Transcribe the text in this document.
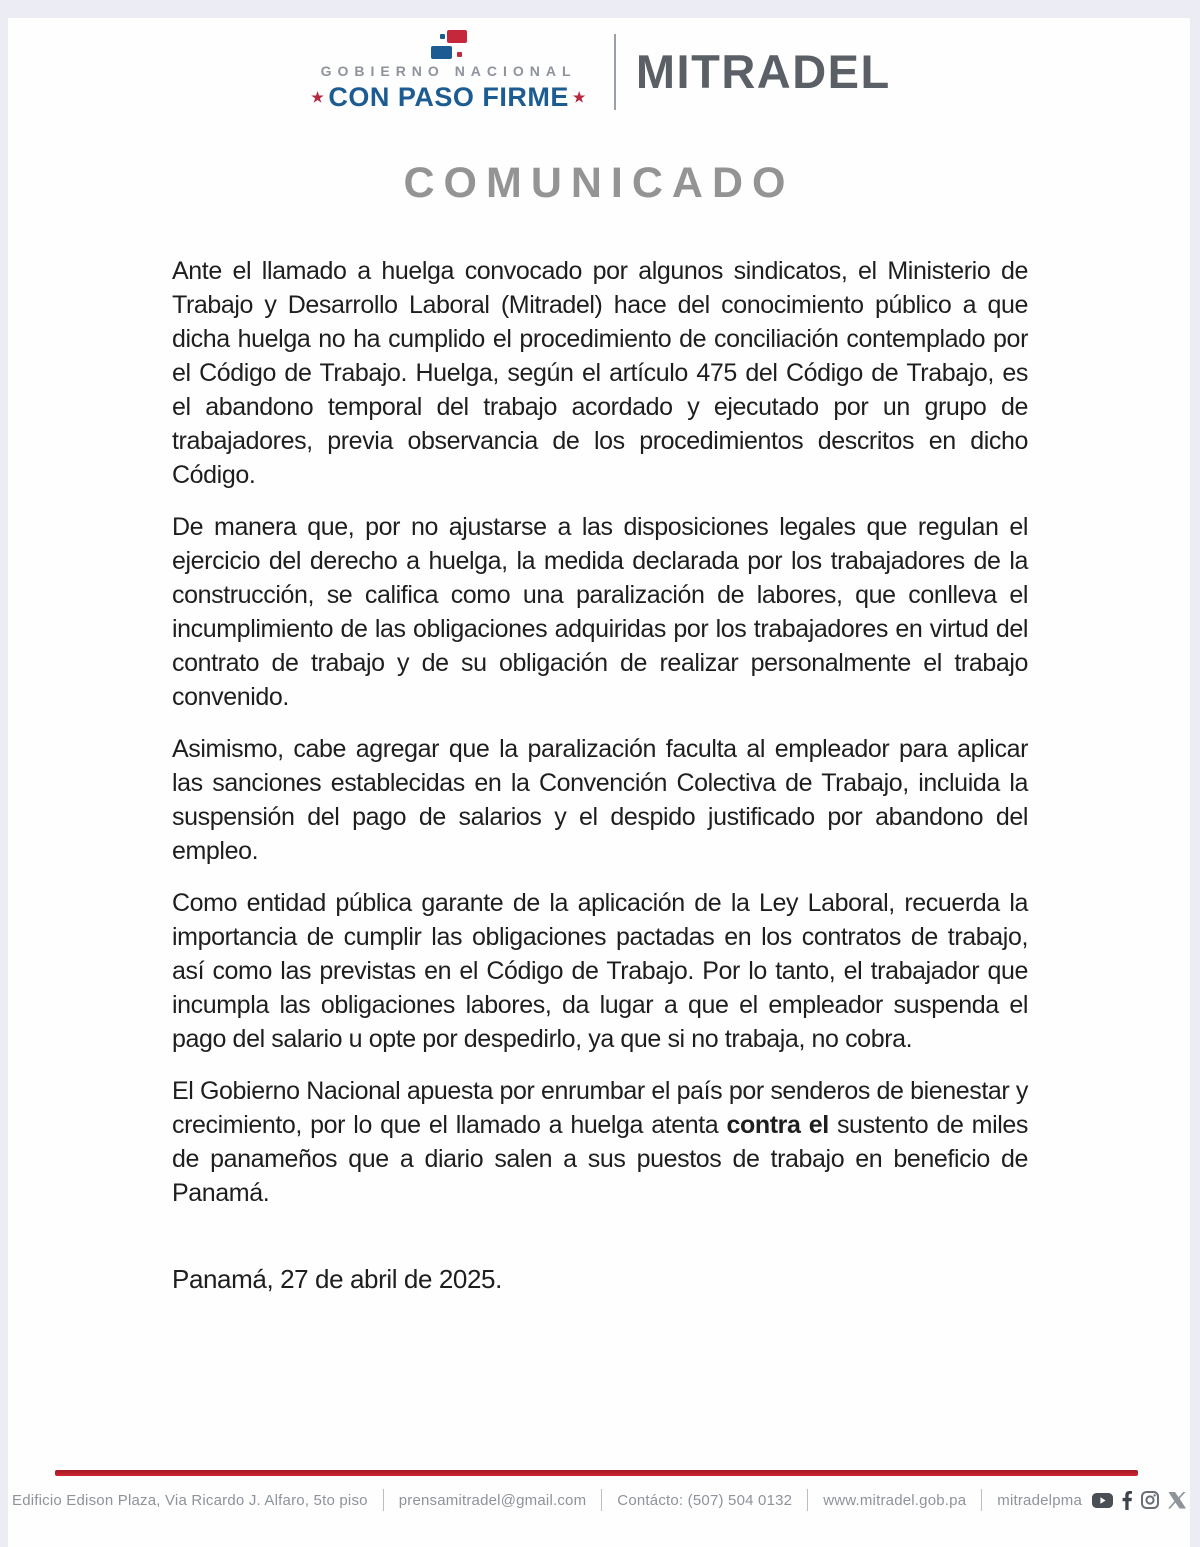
GOBIERNO NACIONAL
★ CON PASO FIRME ★ MITRADEL
COMUNICADO

Ante el llamado a huelga convocado por algunos sindicatos, el Ministerio de Trabajo y Desarrollo Laboral (Mitradel) hace del conocimiento público a que dicha huelga no ha cumplido el procedimiento de conciliación contemplado por el Código de Trabajo. Huelga, según el artículo 475 del Código de Trabajo, es el abandono temporal del trabajo acordado y ejecutado por un grupo de trabajadores, previa observancia de los procedimientos descritos en dicho Código.

De manera que, por no ajustarse a las disposiciones legales que regulan el ejercicio del derecho a huelga, la medida declarada por los trabajadores de la construcción, se califica como una paralización de labores, que conlleva el incumplimiento de las obligaciones adquiridas por los trabajadores en virtud del contrato de trabajo y de su obligación de realizar personalmente el trabajo convenido.

Asimismo, cabe agregar que la paralización faculta al empleador para aplicar las sanciones establecidas en la Convención Colectiva de Trabajo, incluida la suspensión del pago de salarios y el despido justificado por abandono del empleo.

Como entidad pública garante de la aplicación de la Ley Laboral, recuerda la importancia de cumplir las obligaciones pactadas en los contratos de trabajo, así como las previstas en el Código de Trabajo. Por lo tanto, el trabajador que incumpla las obligaciones labores, da lugar a que el empleador suspenda el pago del salario u opte por despedirlo, ya que si no trabaja, no cobra.

El Gobierno Nacional apuesta por enrumbar el país por senderos de bienestar y crecimiento, por lo que el llamado a huelga atenta contra el sustento de miles de panameños que a diario salen a sus puestos de trabajo en beneficio de Panamá.

Panamá, 27 de abril de 2025.

Edificio Edison Plaza, Via Ricardo J. Alfaro, 5to piso prensamitradel@gmail.com Contácto: (507) 504 0132 www.mitradel.gob.pa mitradelpma
